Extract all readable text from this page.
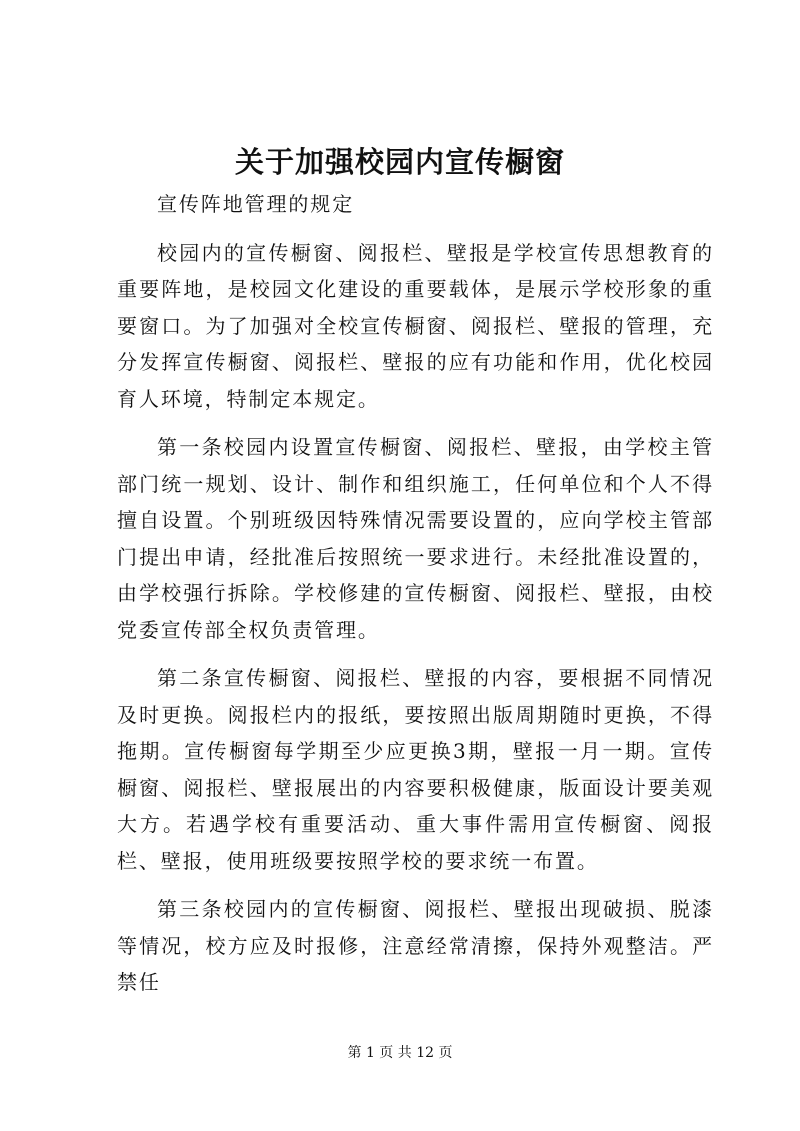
关于加强校园内宣传橱窗

宣传阵地管理的规定

校园内的宣传橱窗、阅报栏、壁报是学校宣传思想教育的重要阵地，是校园文化建设的重要载体，是展示学校形象的重要窗口。为了加强对全校宣传橱窗、阅报栏、壁报的管理，充分发挥宣传橱窗、阅报栏、壁报的应有功能和作用，优化校园育人环境，特制定本规定。

第一条校园内设置宣传橱窗、阅报栏、壁报，由学校主管部门统一规划、设计、制作和组织施工，任何单位和个人不得擅自设置。个别班级因特殊情况需要设置的，应向学校主管部门提出申请，经批准后按照统一要求进行。未经批准设置的，由学校强行拆除。学校修建的宣传橱窗、阅报栏、壁报，由校党委宣传部全权负责管理。

第二条宣传橱窗、阅报栏、壁报的内容，要根据不同情况及时更换。阅报栏内的报纸，要按照出版周期随时更换，不得拖期。宣传橱窗每学期至少应更换3期，壁报一月一期。宣传橱窗、阅报栏、壁报展出的内容要积极健康，版面设计要美观大方。若遇学校有重要活动、重大事件需用宣传橱窗、阅报栏、壁报，使用班级要按照学校的要求统一布置。

第三条校园内的宣传橱窗、阅报栏、壁报出现破损、脱漆等情况，校方应及时报修，注意经常清擦，保持外观整洁。严禁任

第 1 页 共 12 页
